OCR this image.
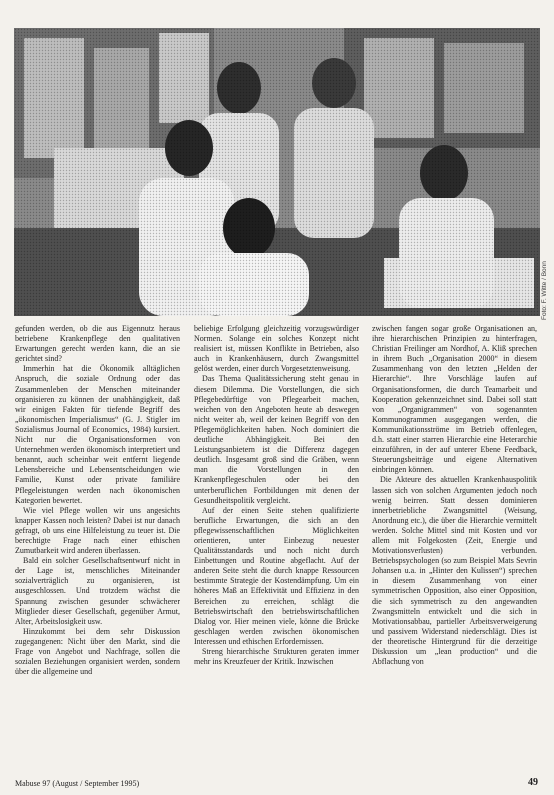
Foto: F. Witte / Bonn

gefunden werden, ob die aus Eigennutz heraus betriebene Krankenpflege den qualitativen Erwartungen gerecht werden kann, die an sie gerichtet sind?

Immerhin hat die Ökonomik alltäglichen Anspruch, die soziale Ordnung oder das Zusammenleben der Menschen miteinander organisieren zu können der unabhängigkeit, daß wir einigen Fakten für tiefende Begriff des „ökonomischen Imperialismus“ (G. J. Stigler im Sozialismus Journal of Economics, 1984) kursiert. Nicht nur die Organisationsformen von Unternehmen werden ökonomisch interpretiert und benannt, auch scheinbar weit entfernt liegende Lebensbereiche und Lebensentscheidungen wie Familie, Kunst oder private familiäre Pflegeleistungen werden nach ökonomischen Kategorien bewertet.

Wie viel Pflege wollen wir uns angesichts knapper Kassen noch leisten? Dabei ist nur danach gefragt, ob uns eine Hilfeleistung zu teuer ist. Die berechtigte Frage nach einer ethischen Zumutbarkeit wird anderen überlassen.

Bald ein solcher Gesellschaftsentwurf nicht in der Lage ist, menschliches Miteinander sozialverträglich zu organisieren, ist ausgeschlossen. Und trotzdem wächst die Spannung zwischen gesunder schwächerer Mitglieder dieser Gesellschaft, gegenüber Armut, Alter, Arbeitslosigkeit usw.

Hinzukommt bei dem sehr Diskussion zugegangenen: Nicht über den Markt, sind die Frage von Angebot und Nachfrage, sollen die sozialen Beziehungen organisiert werden, sondern über die allgemeine und

beliebige Erfolgung gleichzeitig vorzugswürdiger Normen. Solange ein solches Konzept nicht realisiert ist, müssen Konflikte in Betrieben, also auch in Krankenhäusern, durch Zwangsmittel gelöst werden, einer durch Vorgesetztenweisung.

Das Thema Qualitätssicherung steht genau in diesem Dilemma. Die Vorstellungen, die sich Pflegebedürftige von Pflegearbeit machen, weichen von den Angeboten heute ab deswegen nicht weiter ab, weil der keinen Begriff von den Pflegemöglichkeiten haben. Noch dominiert die deutliche Abhängigkeit. Bei den Leistungsanbietern ist die Differenz dagegen deutlich. Insgesamt groß sind die Gräben, wenn man die Vorstellungen in den Krankenpflegeschulen oder bei den unterberuflichen Fortbildungen mit denen der Gesundheitspolitik vergleicht.

Auf der einen Seite stehen qualifizierte berufliche Erwartungen, die sich an den pflegewissenschaftlichen Möglichkeiten orientieren, unter Einbezug neuester Qualitätsstandards und noch nicht durch Einbettungen und Routine abgeflacht. Auf der anderen Seite steht die durch knappe Ressourcen bestimmte Strategie der Kostendämpfung. Um ein höheres Maß an Effektivität und Effizienz in den Bereichen zu erreichen, schlägt die Betriebswirtschaft den betriebswirtschaftlichen Dialog vor. Hier meinen viele, könne die Brücke geschlagen werden zwischen ökonomischen Interessen und ethischen Erfordernissen.

Streng hierarchische Strukturen geraten immer mehr ins Kreuzfeuer der Kritik. Inzwischen

zwischen fangen sogar große Organisationen an, ihre hierarchischen Prinzipien zu hinterfragen, Christian Freilinger am Nordhof, A. Kliß sprechen in ihrem Buch „Organisation 2000“ in diesem Zusammenhang von den letzten „Helden der Hierarchie“. Ihre Vorschläge laufen auf Organisationsformen, die durch Teamarbeit und Kooperation gekennzeichnet sind. Dabei soll statt von „Organigrammen“ von sogenannten Kommunogrammen ausgegangen werden, die Kommunikationsströme im Betrieb offenlegen, d.h. statt einer starren Hierarchie eine Heterarchie einzuführen, in der auf unterer Ebene Feedback, Steuerungsbeiträge und eigene Alternativen einbringen können.

Die Akteure des aktuellen Krankenhauspolitik lassen sich von solchen Argumenten jedoch noch wenig beirren. Statt dessen dominieren innerbetriebliche Zwangsmittel (Weisung, Anordnung etc.), die über die Hierarchie vermittelt werden. Solche Mittel sind mit Kosten und vor allem mit Folgekosten (Zeit, Energie und Motivationsverlusten) verbunden. Betriebspsychologen (so zum Beispiel Mats Sevrin Johansen u.a. in „Hinter den Kulissen“) sprechen in diesem Zusammenhang von einer symmetrischen Opposition, also einer Opposition, die sich symmetrisch zu den angewandten Zwangsmitteln entwickelt und die sich in Motivationsabbau, partieller Arbeitsverweigerung und passivem Widerstand niederschlägt. Dies ist der theoretische Hintergrund für die derzeitige Diskussion um „lean production“ und die Abflachung von

Mabuse 97 (August / September 1995)	49
